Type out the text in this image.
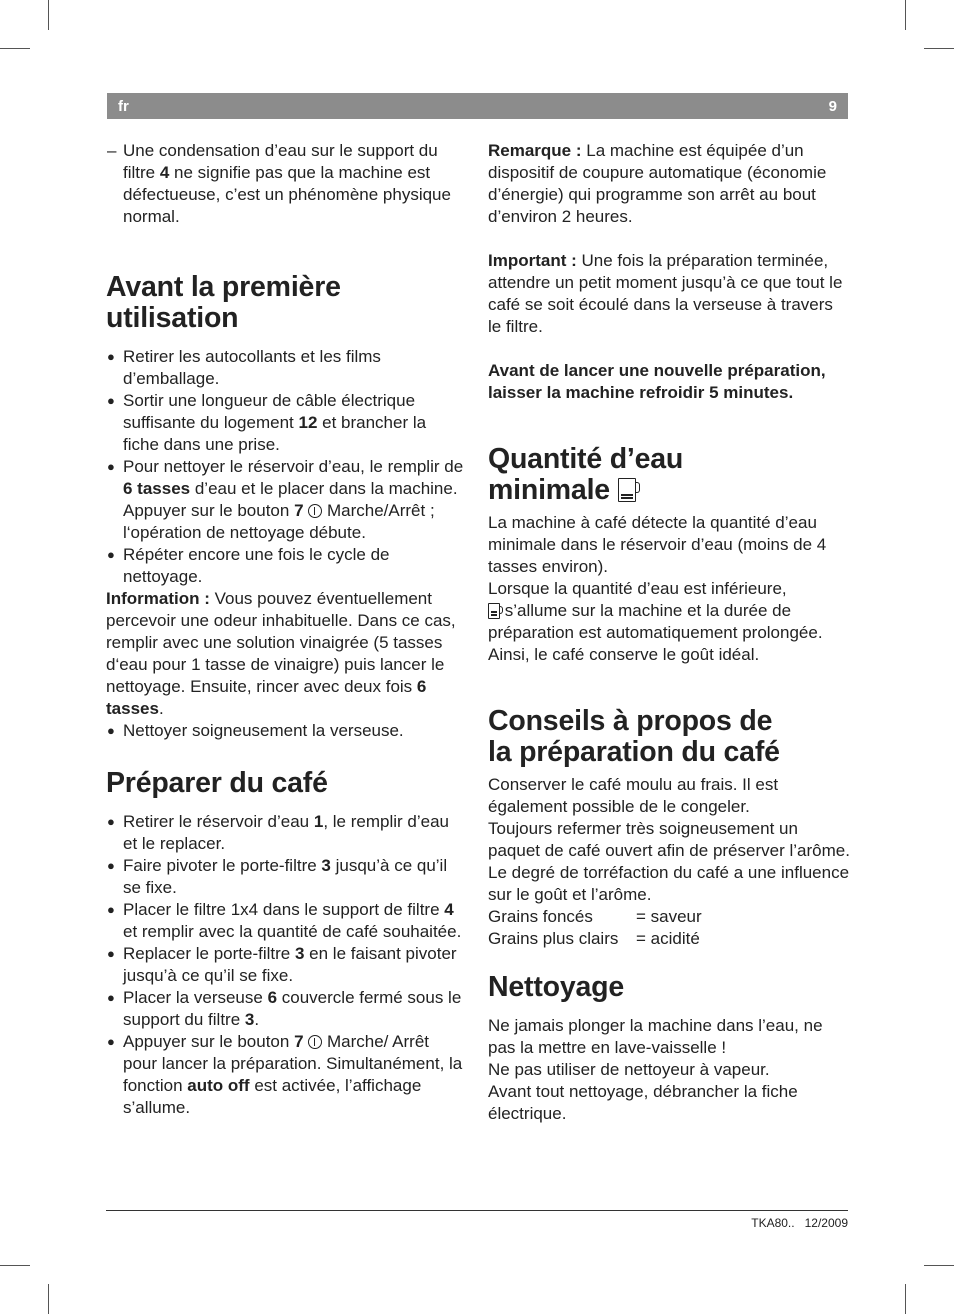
fr	9
– Une condensation d’eau sur le support du filtre 4 ne signifie pas que la machine est défectueuse, c’est un phénomène physique normal.
Avant la première utilisation
● Retirer les autocollants et les films d’emballage.
● Sortir une longueur de câble électrique suffisante du logement 12 et brancher la fiche dans une prise.
● Pour nettoyer le réservoir d’eau, le remplir de 6 tasses d’eau et le placer dans la machine. Appuyer sur le bouton 7  Marche/Arrêt ; l‘opération de nettoyage débute.
● Répéter encore une fois le cycle de nettoyage.

Information : Vous pouvez éventuellement percevoir une odeur inhabituelle. Dans ce cas, remplir avec une solution vinaigrée (5 tasses d‘eau pour 1 tasse de vinaigre) puis lancer le nettoyage. Ensuite, rincer avec deux fois 6 tasses.

● Nettoyer soigneusement la verseuse.
Préparer du café
● Retirer le réservoir d’eau 1, le remplir d’eau et le replacer.
● Faire pivoter le porte-filtre 3 jusqu’à ce qu’il se fixe.
● Placer le filtre 1x4 dans le support de filtre 4 et remplir avec la quantité de café souhaitée.
● Replacer le porte-filtre 3 en le faisant pivoter jusqu’à ce qu’il se fixe.
● Placer la verseuse 6 couvercle fermé sous le support du filtre 3.
● Appuyer sur le bouton 7  Marche/ Arrêt pour lancer la préparation. Simultanément, la fonction auto off est activée, l’affichage s’allume.

Remarque : La machine est équipée d’un dispositif de coupure automatique (économie d’énergie) qui programme son arrêt au bout d’environ 2 heures.

Important : Une fois la préparation terminée, attendre un petit moment jusqu’à ce que tout le café se soit écoulé dans la verseuse à travers le filtre.

Avant de lancer une nouvelle préparation, laisser la machine refroidir 5 minutes.

Quantité d’eau
minimale

La machine à café détecte la quantité d’eau minimale dans le réservoir d’eau (moins de 4 tasses environ).

Lorsque la quantité d’eau est inférieure,

s’allume sur la machine et la durée de préparation est automatiquement prolongée. Ainsi, le café conserve le goût idéal.

Conseils à propos de
la préparation du café

Conserver le café moulu au frais. Il est également possible de le congeler.

Toujours refermer très soigneusement un paquet de café ouvert afin de préserver l’arôme.

Le degré de torréfaction du café a une influence sur le goût et l’arôme.

Grains foncés	= saveur
Grains plus clairs	= acidité
Nettoyage

Ne jamais plonger la machine dans l’eau, ne pas la mettre en lave-vaisselle !

Ne pas utiliser de nettoyeur à vapeur.

Avant tout nettoyage, débrancher la fiche électrique.

TKA80.. 12/2009
